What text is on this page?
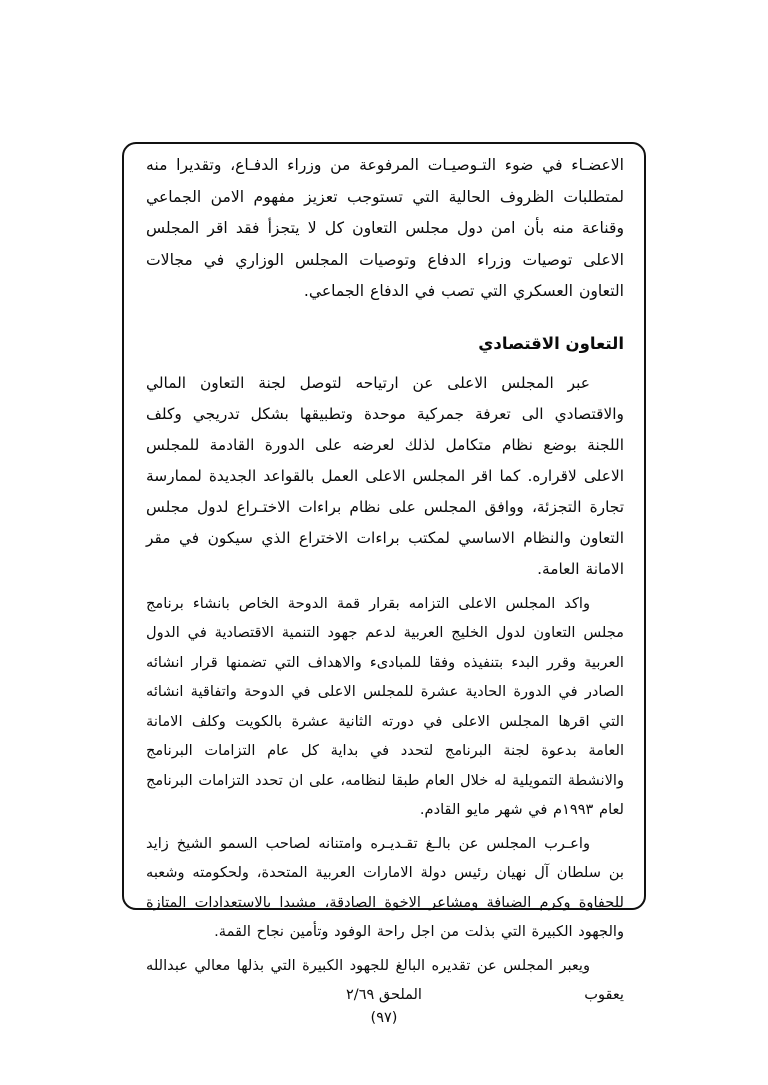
الاعضـاء في ضوء التـوصيـات المرفوعة من وزراء الدفـاع، وتقديرا منه لمتطلبات الظروف الحالية التي تستوجب تعزيز مفهوم الامن الجماعي وقناعة منه بأن امن دول مجلس التعاون كل لا يتجزأ فقد اقر المجلس الاعلى توصيات وزراء الدفاع وتوصيات المجلس الوزاري في مجالات التعاون العسكري التي تصب في الدفاع الجماعي.

التعاون الاقتصادي

عبر المجلس الاعلى عن ارتياحه لتوصل لجنة التعاون المالي والاقتصادي الى تعرفة جمركية موحدة وتطبيقها بشكل تدريجي وكلف اللجنة بوضع نظام متكامل لذلك لعرضه على الدورة القادمة للمجلس الاعلى لاقراره. كما اقر المجلس الاعلى العمل بالقواعد الجديدة لممارسة تجارة التجزئة، ووافق المجلس على نظام براءات الاختـراع لدول مجلس التعاون والنظام الاساسي لمكتب براءات الاختراع الذي سيكون في مقر الامانة العامة.

واكد المجلس الاعلى التزامه بقرار قمة الدوحة الخاص بانشاء برنامج مجلس التعاون لدول الخليج العربية لدعم جهود التنمية الاقتصادية في الدول العربية وقرر البدء بتنفيذه وفقا للمبادىء والاهداف التي تضمنها قرار انشائه الصادر في الدورة الحادية عشرة للمجلس الاعلى في الدوحة واتفاقية انشائه التي اقرها المجلس الاعلى في دورته الثانية عشرة بالكويت وكلف الامانة العامة بدعوة لجنة البرنامج لتحدد في بداية كل عام التزامات البرنامج والانشطة التمويلية له خلال العام طبقا لنظامه، على ان تحدد التزامات البرنامج لعام ١٩٩٣م في شهر مايو القادم.

واعـرب المجلس عن بالـغ تقـديـره وامتنانه لصاحب السمو الشيخ زايد بن سلطان آل نهيان رئيس دولة الامارات العربية المتحدة، ولحكومته وشعبه للحفاوة وكرم الضيافة ومشاعر الاخوة الصادقة، مشيدا بالاستعدادات المتازة والجهود الكبيرة التي بذلت من اجل راحة الوفود وتأمين نجاح القمة.

ويعبر المجلس عن تقديره البالغ للجهود الكبيرة التي بذلها معالي عبدالله يعقوب

الملحق ٢/٦٩
(٩٧)
